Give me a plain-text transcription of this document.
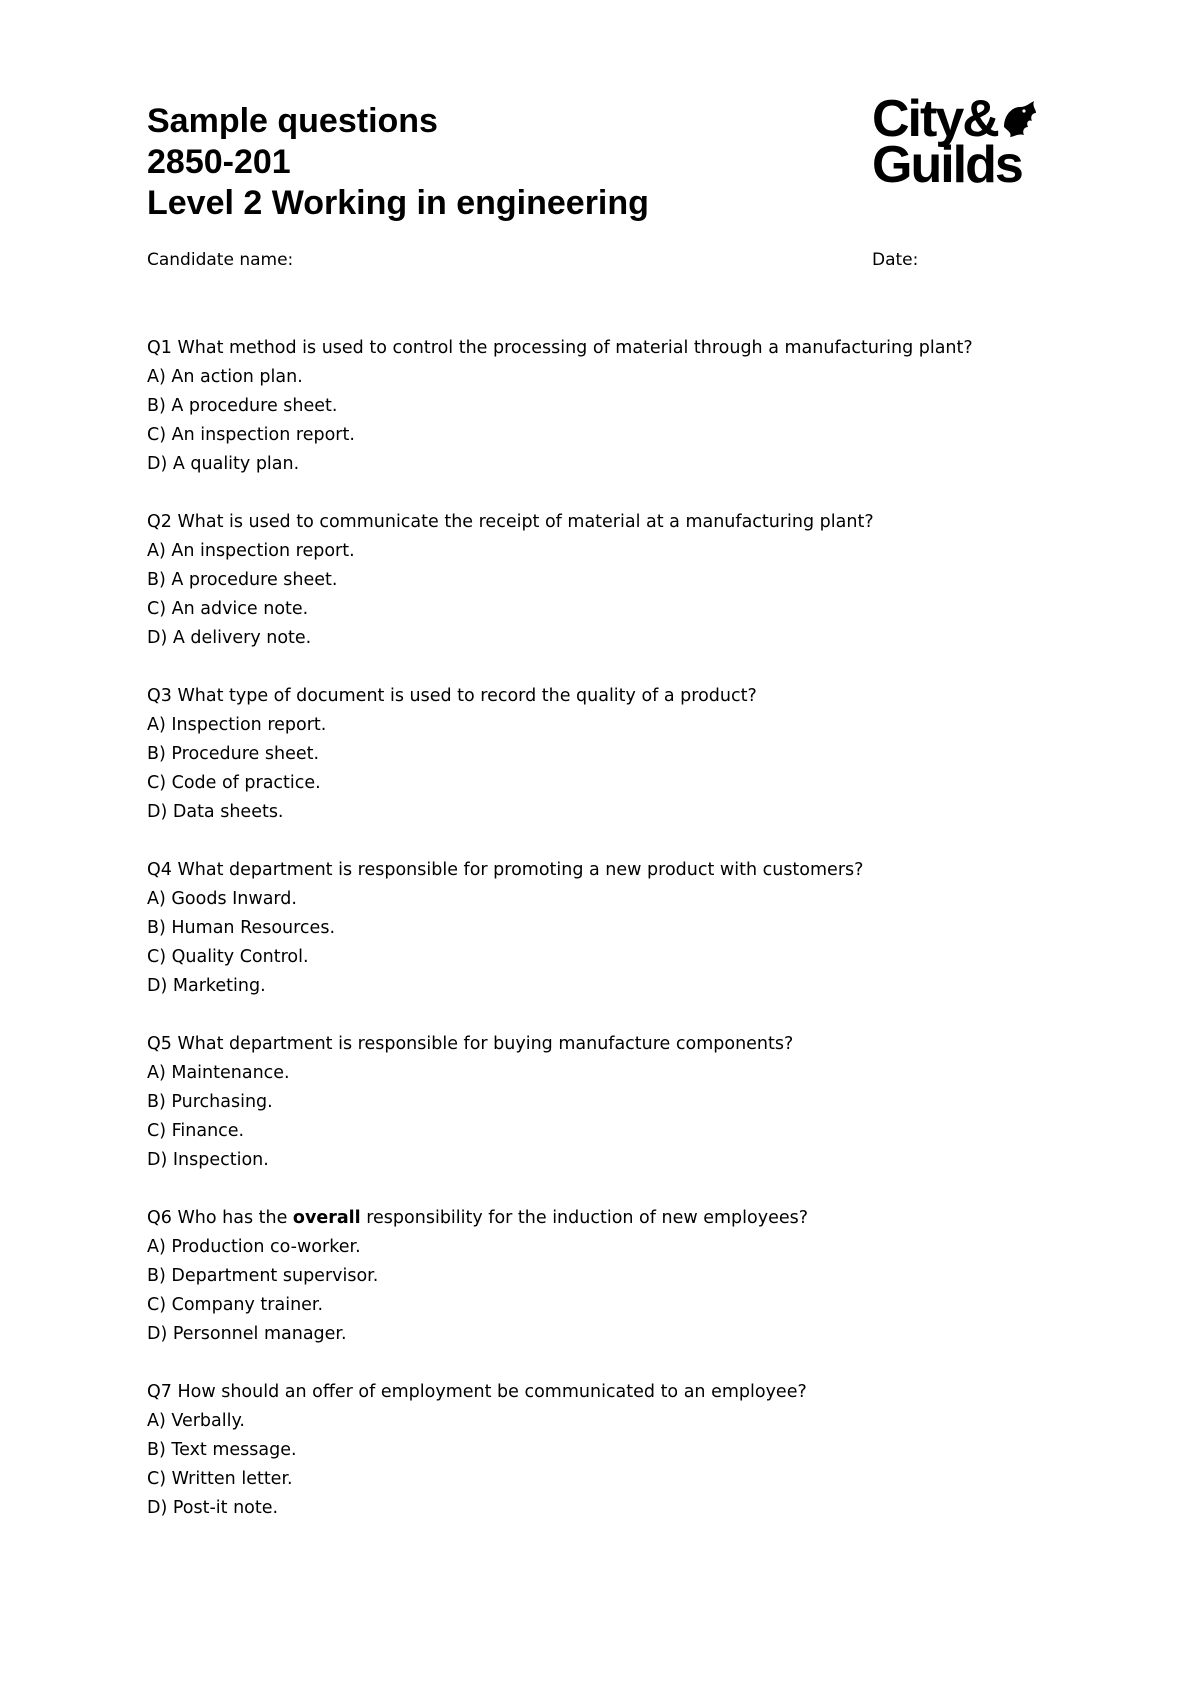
Sample questions
2850-201
Level 2 Working in engineering
City&
Guilds
Candidate name:	Date:
Q1 What method is used to control the processing of material through a manufacturing plant?
A) An action plan.
B) A procedure sheet.
C) An inspection report.
D) A quality plan.
Q2 What is used to communicate the receipt of material at a manufacturing plant?
A) An inspection report.
B) A procedure sheet.
C) An advice note.
D) A delivery note.
Q3 What type of document is used to record the quality of a product?
A) Inspection report.
B) Procedure sheet.
C) Code of practice.
D) Data sheets.
Q4 What department is responsible for promoting a new product with customers?
A) Goods Inward.
B) Human Resources.
C) Quality Control.
D) Marketing.
Q5 What department is responsible for buying manufacture components?
A) Maintenance.
B) Purchasing.
C) Finance.
D) Inspection.
Q6 Who has the overall responsibility for the induction of new employees?
A) Production co-worker.
B) Department supervisor.
C) Company trainer.
D) Personnel manager.
Q7 How should an offer of employment be communicated to an employee?
A) Verbally.
B) Text message.
C) Written letter.
D) Post-it note.
